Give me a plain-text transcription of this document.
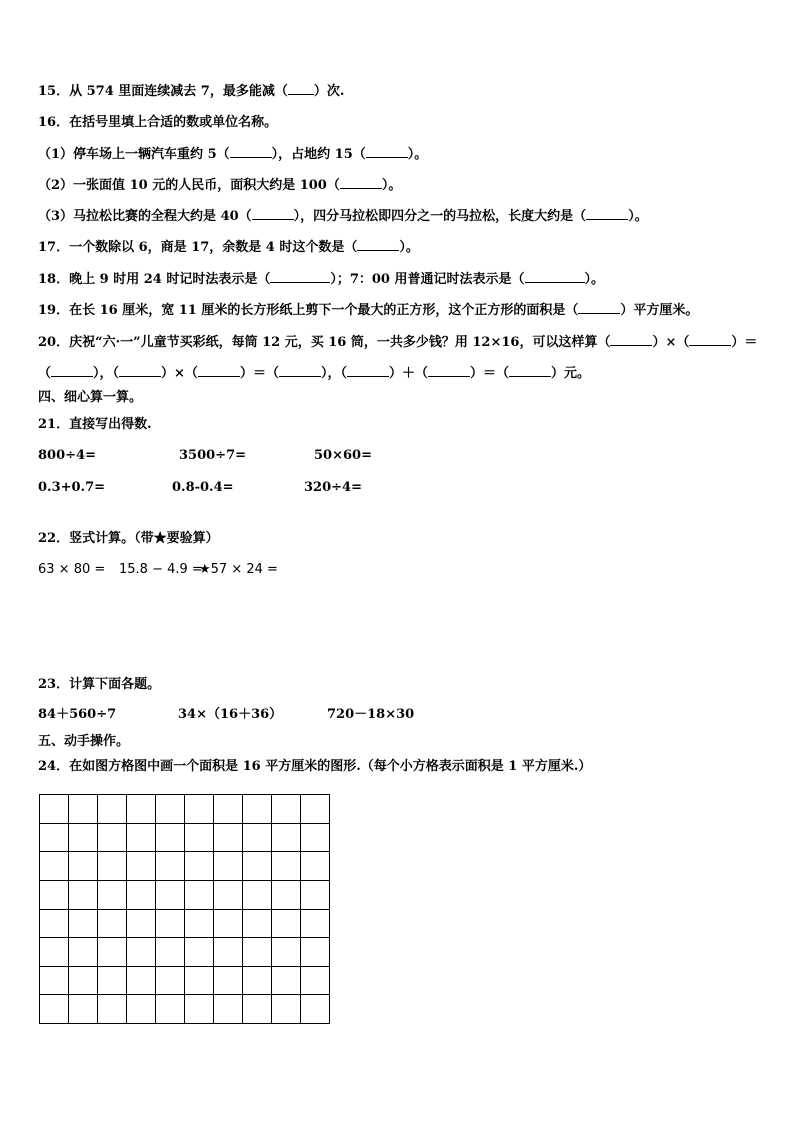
15．从 574 里面连续减去 7，最多能减（ ）次.
16．在括号里填上合适的数或单位名称。
（1）停车场上一辆汽车重约 5（	），占地约 15（	）。
（2）一张面值 10 元的人民币，面积大约是 100（	）。
（3）马拉松比赛的全程大约是 40（	），四分马拉松即四分之一的马拉松，长度大约是（	）。
17．一个数除以 6，商是 17，余数是 4 时这个数是（	）。
18．晚上 9 时用 24 时记时法表示是（	）；7：00 用普通记时法表示是（	）。
19．在长 16 厘米，宽 11 厘米的长方形纸上剪下一个最大的正方形，这个正方形的面积是（	）平方厘米。
20．庆祝“六·一”儿童节买彩纸，每筒 12 元，买 16 筒，一共多少钱？用 12×16，可以这样算（	）×（	）＝
（	），（	）×（	）＝（	），（	）＋（	）＝（	）元。
四、细心算一算。
21．直接写出得数.
800÷4=	3500÷7=	50×60=
0.3+0.7=	0.8-0.4=	320÷4=
22．竖式计算。（带★要验算）
63 × 80 = 15.8 − 4.9 =
★57 × 24 =
23．计算下面各题。
84＋560÷7	34×（16＋36）	720－18×30
五、动手操作。
24．在如图方格图中画一个面积是 16 平方厘米的图形.（每个小方格表示面积是 1 平方厘米.）
